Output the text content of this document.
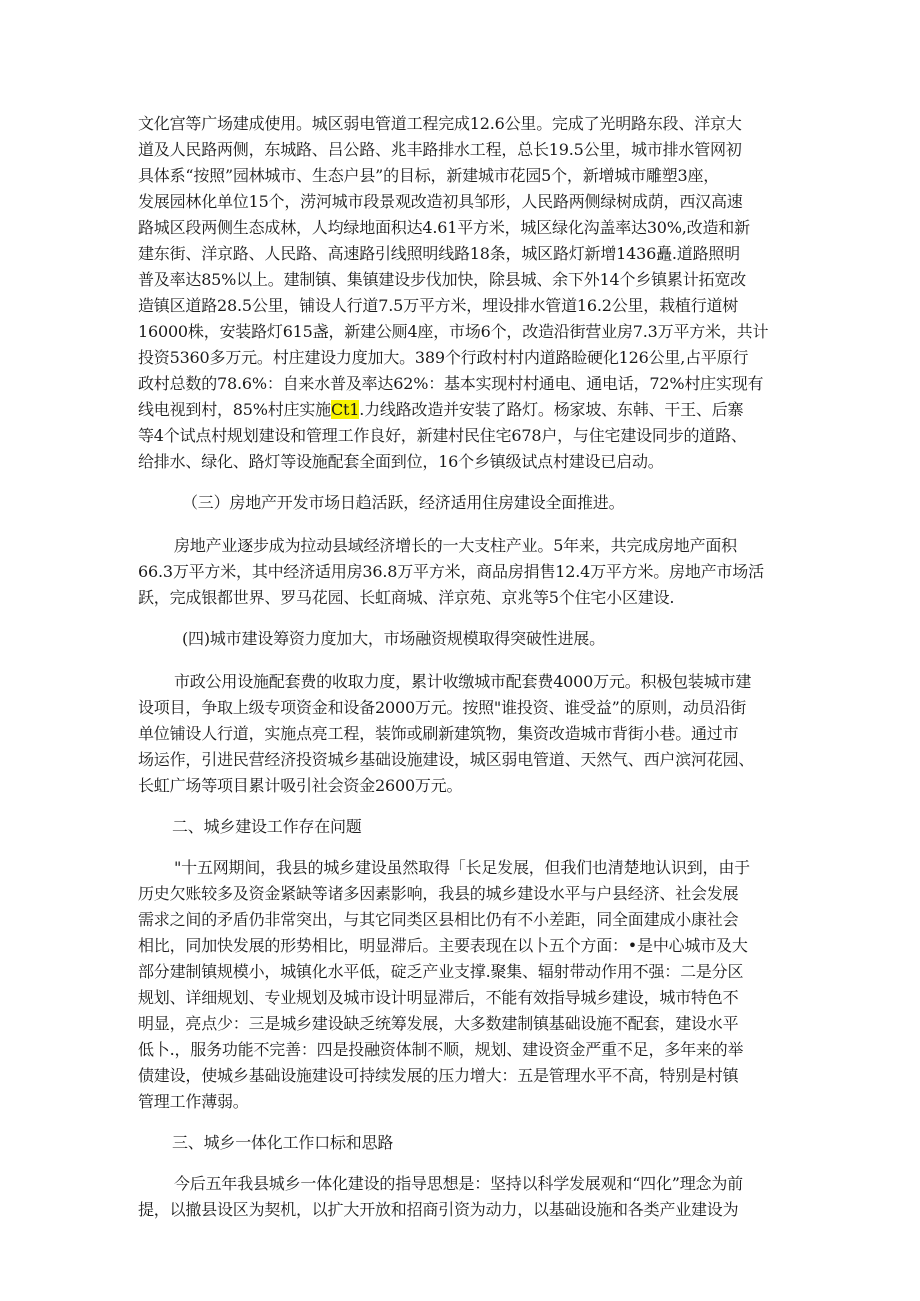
文化宫等广场建成使用。城区弱电管道工程完成12.6公里。完成了光明路东段、洋京大
道及人民路两侧，东城路、吕公路、兆丰路排水工程，总长19.5公里，城市排水管网初
具体系“按照”园林城市、生态户县”的目标，新建城市花园5个，新增城市雕塑3座，
发展园林化单位15个，涝河城市段景观改造初具邹形，人民路两侧绿树成荫，西汉高速
路城区段两侧生态成林，人均绿地面积达4.61平方米，城区绿化沟盖率达30%,改造和新
建东街、洋京路、人民路、高速路引线照明线路18条，城区路灯新增1436矗.道路照明
普及率达85%以上。建制镇、集镇建设步伐加快，除县城、余下外14个乡镇累计拓宽改
造镇区道路28.5公里，铺设人行道7.5万平方米，埋设排水管道16.2公里，栽植行道树
16000株，安装路灯615盏，新建公厕4座，市场6个，改造沿街营业房7.3万平方米，共计
投资5360多万元。村庄建设力度加大。389个行政村村内道路睑硬化126公里,占平原行
政村总数的78.6%：自来水普及率达62%：基本实现村村通电、通电话，72%村庄实现有
线电视到村，85%村庄实施Ct1.力线路改造并安装了路灯。杨家坡、东韩、干王、后寨
等4个试点村规划建设和管理工作良好，新建村民住宅678户，与住宅建设同步的道路、
给排水、绿化、路灯等设施配套全面到位，16个乡镇级试点村建设已启动。
（三）房地产开发市场日趋活跃，经济适用住房建设全面推进。
房地产业逐步成为拉动县域经济增长的一大支柱产业。5年来，共完成房地产面积
66.3万平方米，其中经济适用房36.8万平方米，商品房捐售12.4万平方米。房地产市场活
跃，完成银都世界、罗马花园、长虹商城、洋京苑、京兆等5个住宅小区建设.
(四)城市建设筹资力度加大，市场融资规模取得突破性进展。
市政公用设施配套费的收取力度，累计收缴城市配套费4000万元。积极包装城市建
设项目，争取上级专项资金和设备2000万元。按照"谁投资、谁受益”的原则，动员沿街
单位铺设人行道，实施点亮工程，装饰或刷新建筑物，集资改造城市背街小巷。通过市
场运作，引进民营经济投资城乡基础设施建设，城区弱电管道、天然气、西户滨河花园、
长虹广场等项目累计吸引社会资金2600万元。
二、城乡建设工作存在问题
"十五网期间，我县的城乡建设虽然取得「长足发展，但我们也清楚地认识到，由于
历史欠账较多及资金紧缺等诸多因素影响，我县的城乡建设水平与户县经济、社会发展
需求之间的矛盾仍非常突出，与其它同类区县相比仍有不小差距，同全面建成小康社会
相比，同加快发展的形势相比，明显滞后。主要表现在以卜五个方面：•是中心城市及大
部分建制镇规模小，城镇化水平低，碇乏产业支撑.聚集、辐射带动作用不强：二是分区
规划、详细规划、专业规划及城市设计明显滞后，不能有效指导城乡建设，城市特色不
明显，亮点少：三是城乡建设缺乏统筹发展，大多数建制镇基础设施不配套，建设水平
低卜.，服务功能不完善：四是投融资体制不顺，规划、建设资金严重不足，多年来的举
债建设，使城乡基础设施建设可持续发展的压力增大：五是管理水平不高，特别是村镇
管理工作薄弱。
三、城乡一体化工作口标和思路
今后五年我县城乡一体化建设的指导思想是：坚持以科学发展观和“四化”理念为前
提，以撤县设区为契机，以扩大开放和招商引资为动力，以基础设施和各类产业建设为
